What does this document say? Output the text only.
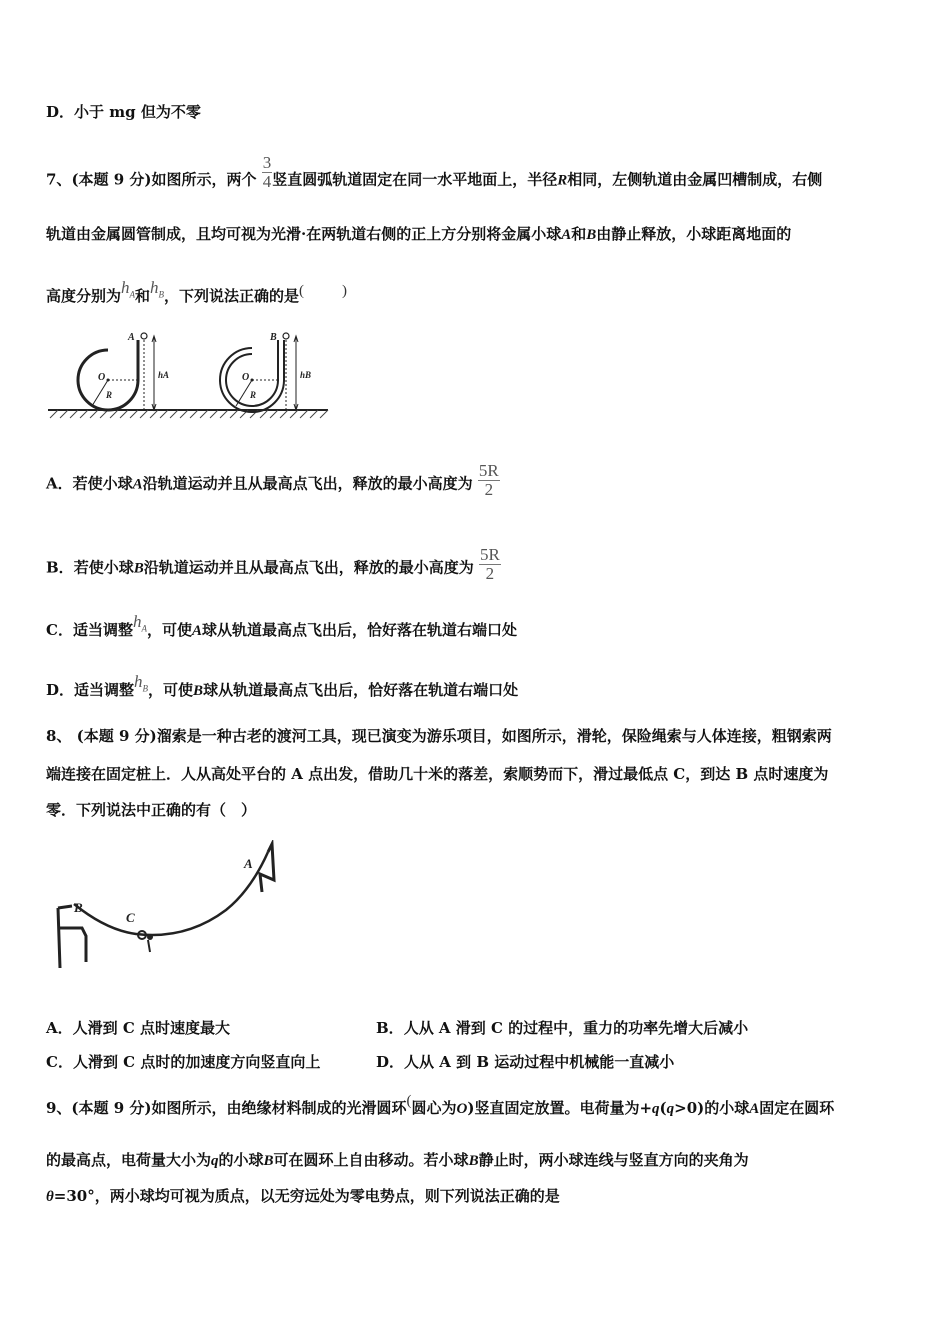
D．小于 mg 但为不零
7、(本题 9 分)如图所示，两个 $\frac{3}{4}$ 竖直圆弧轨道固定在同一水平地面上，半径R相同，左侧轨道由金属凹槽制成，右侧
轨道由金属圆管制成，且均可视为光滑·在两轨道右侧的正上方分别将金属小球A和B由静止释放，小球距离地面的
高度分别为$h_A$和$h_B$，下列说法正确的是(	)
A
O
R
hA
B
O
R
hB
A．若使小球A沿轨道运动并且从最高点飞出，释放的最小高度为 $\frac{5R}{2}$
B．若使小球B沿轨道运动并且从最高点飞出，释放的最小高度为 $\frac{5R}{2}$
C．适当调整$h_A$，可使A球从轨道最高点飞出后，恰好落在轨道右端口处
D．适当调整$h_B$，可使B球从轨道最高点飞出后，恰好落在轨道右端口处
8、 (本题 9 分)溜索是一种古老的渡河工具，现已演变为游乐项目，如图所示，滑轮，保险绳索与人体连接，粗钢索两
端连接在固定桩上．人从高处平台的 A 点出发，借助几十米的落差，索顺势而下，滑过最低点 C，到达 B 点时速度为
零．下列说法中正确的有（　）
A
B
C
A．人滑到 C 点时速度最大	B．人从 A 滑到 C 的过程中，重力的功率先增大后减小
C．人滑到 C 点时的加速度方向竖直向上	D．人从 A 到 B 运动过程中机械能一直减小
9、(本题 9 分)如图所示，由绝缘材料制成的光滑圆环(圆心为O)竖直固定放置。电荷量为+q(q>0)的小球A固定在圆环
的最高点，电荷量大小为q的小球B可在圆环上自由移动。若小球B静止时，两小球连线与竖直方向的夹角为
θ=30°，两小球均可视为质点，以无穷远处为零电势点，则下列说法正确的是
